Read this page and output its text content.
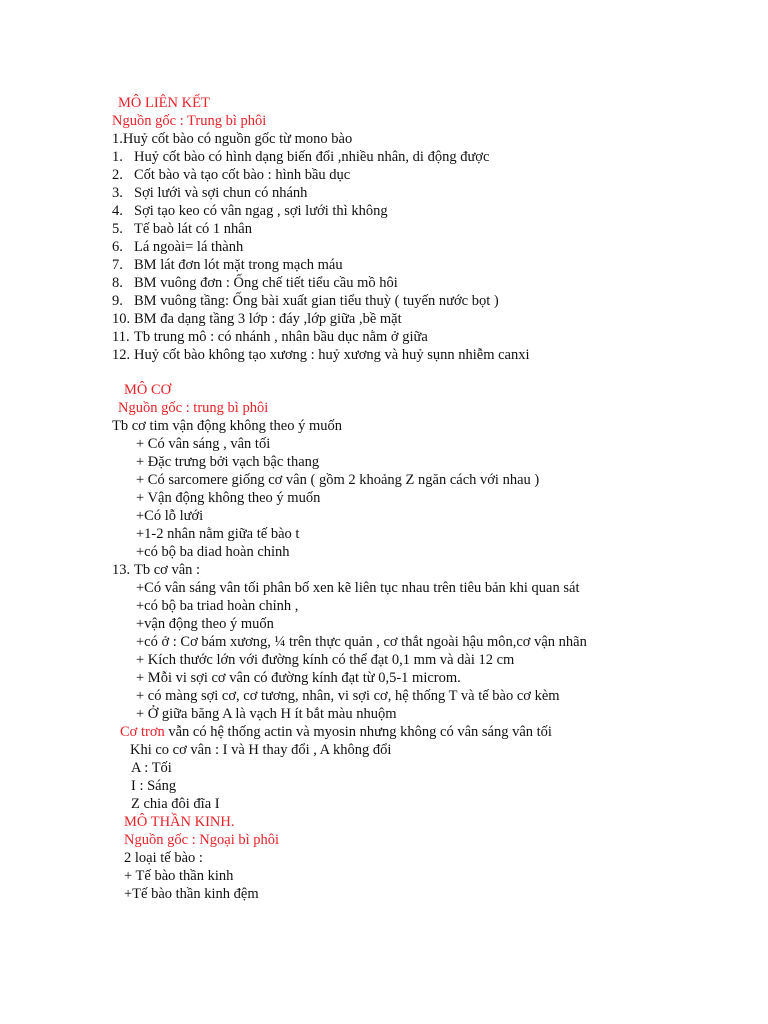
MÔ LIÊN KẾT
Nguồn gốc : Trung bì phôi
1.Huỷ cốt bào có nguồn gốc từ mono bào
1. Huỷ cốt bào có hình dạng biến đổi ,nhiều nhân, di động được
2. Cốt bào và tạo cốt bào : hình bầu dục
3. Sợi lưới và sợi chun có nhánh
4. Sợi tạo keo có vân ngag , sợi lưới thì không
5. Tế baò lát có 1 nhân
6. Lá ngoài= lá thành
7. BM lát đơn lót mặt trong mạch máu
8. BM vuông đơn : Ống chế tiết tiểu cầu mồ hôi
9. BM vuông tầng: Ống bài xuất gian tiểu thuỳ ( tuyến nước bọt )
10. BM đa dạng tầng 3 lớp : đáy ,lớp giữa ,bề mặt
11. Tb trung mô : có nhánh , nhân bầu dục nằm ở giữa
12. Huỷ cốt bào không tạo xương : huỷ xương và huỷ sụnn nhiễm canxi
MÔ CƠ
Nguồn gốc : trung bì phôi
Tb cơ tim vận động không theo ý muốn
+ Có vân sáng , vân tối
+ Đặc trưng bởi vạch bậc thang
+ Có sarcomere giống cơ vân ( gồm 2 khoảng Z ngăn cách với nhau )
+ Vận động không theo ý muốn
+Có lỗ lưới
+1-2 nhân nằm giữa tế bào t
+có bộ ba diad hoàn chỉnh
13. Tb cơ vân :
+Có vân sáng vân tối phân bố xen kẽ liên tục nhau trên tiêu bản khi quan sát
+có bộ ba triad hoàn chỉnh ,
+vận động theo ý muốn
+có ở : Cơ bám xương, ¼ trên thực quản , cơ thắt ngoài hậu môn,cơ vận nhãn
+ Kích thước lớn với đường kính có thể đạt 0,1 mm và dài 12 cm
+ Mỗi vi sợi cơ vân có đường kính đạt từ 0,5-1 microm.
+ có màng sợi cơ, cơ tương, nhân, vi sợi cơ, hệ thống T và tế bào cơ kèm
+ Ở giữa băng A là vạch H ít bắt màu nhuộm
Cơ trơn vẫn có hệ thống actin và myosin nhưng không có vân sáng vân tối
Khi co cơ vân : I và H thay đổi , A không đổi
A : Tối
I : Sáng
Z chia đôi đĩa I
MÔ THẦN KINH.
Nguồn gốc : Ngoại bì phôi
2 loại tế bào :
+ Tế bào thần kinh
+Tế bào thần kinh đệm
